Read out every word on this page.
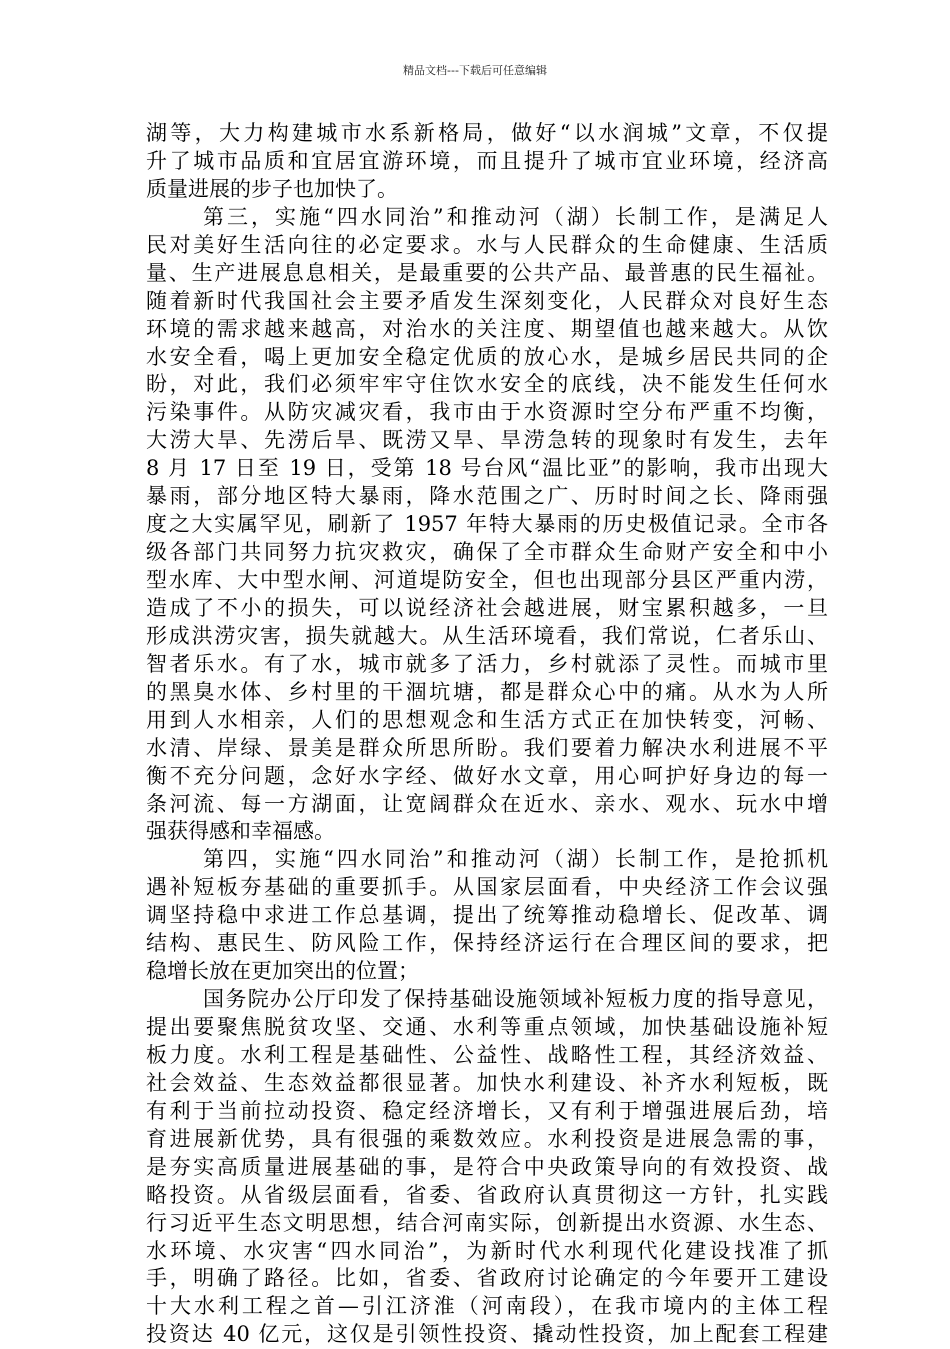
精品文档---下载后可任意编辑
湖等，大力构建城市水系新格局，做好“以水润城”文章，不仅提
升了城市品质和宜居宜游环境，而且提升了城市宜业环境，经济高
质量进展的步子也加快了。
第三，实施“四水同治”和推动河（湖）长制工作，是满足人
民对美好生活向往的必定要求。水与人民群众的生命健康、生活质
量、生产进展息息相关，是最重要的公共产品、最普惠的民生福祉。
随着新时代我国社会主要矛盾发生深刻变化，人民群众对良好生态
环境的需求越来越高，对治水的关注度、期望值也越来越大。从饮
水安全看，喝上更加安全稳定优质的放心水，是城乡居民共同的企
盼，对此，我们必须牢牢守住饮水安全的底线，决不能发生任何水
污染事件。从防灾减灾看，我市由于水资源时空分布严重不均衡，
大涝大旱、先涝后旱、既涝又旱、旱涝急转的现象时有发生，去年
8 月 17 日至 19 日，受第 18 号台风“温比亚”的影响，我市出现大
暴雨，部分地区特大暴雨，降水范围之广、历时时间之长、降雨强
度之大实属罕见，刷新了 1957 年特大暴雨的历史极值记录。全市各
级各部门共同努力抗灾救灾，确保了全市群众生命财产安全和中小
型水库、大中型水闸、河道堤防安全，但也出现部分县区严重内涝，
造成了不小的损失，可以说经济社会越进展，财宝累积越多，一旦
形成洪涝灾害，损失就越大。从生活环境看，我们常说，仁者乐山、
智者乐水。有了水，城市就多了活力，乡村就添了灵性。而城市里
的黑臭水体、乡村里的干涸坑塘，都是群众心中的痛。从水为人所
用到人水相亲，人们的思想观念和生活方式正在加快转变，河畅、
水清、岸绿、景美是群众所思所盼。我们要着力解决水利进展不平
衡不充分问题，念好水字经、做好水文章，用心呵护好身边的每一
条河流、每一方湖面，让宽阔群众在近水、亲水、观水、玩水中增
强获得感和幸福感。
第四，实施“四水同治”和推动河（湖）长制工作，是抢抓机
遇补短板夯基础的重要抓手。从国家层面看，中央经济工作会议强
调坚持稳中求进工作总基调，提出了统筹推动稳增长、促改革、调
结构、惠民生、防风险工作，保持经济运行在合理区间的要求，把
稳增长放在更加突出的位置；
国务院办公厅印发了保持基础设施领域补短板力度的指导意见，
提出要聚焦脱贫攻坚、交通、水利等重点领域，加快基础设施补短
板力度。水利工程是基础性、公益性、战略性工程，其经济效益、
社会效益、生态效益都很显著。加快水利建设、补齐水利短板，既
有利于当前拉动投资、稳定经济增长，又有利于增强进展后劲，培
育进展新优势，具有很强的乘数效应。水利投资是进展急需的事，
是夯实高质量进展基础的事，是符合中央政策导向的有效投资、战
略投资。从省级层面看，省委、省政府认真贯彻这一方针，扎实践
行习近平生态文明思想，结合河南实际，创新提出水资源、水生态、
水环境、水灾害“四水同治”，为新时代水利现代化建设找准了抓
手，明确了路径。比如，省委、省政府讨论确定的今年要开工建设
十大水利工程之首—引江济淮（河南段），在我市境内的主体工程
投资达 40 亿元，这仅是引领性投资、撬动性投资，加上配套工程建
